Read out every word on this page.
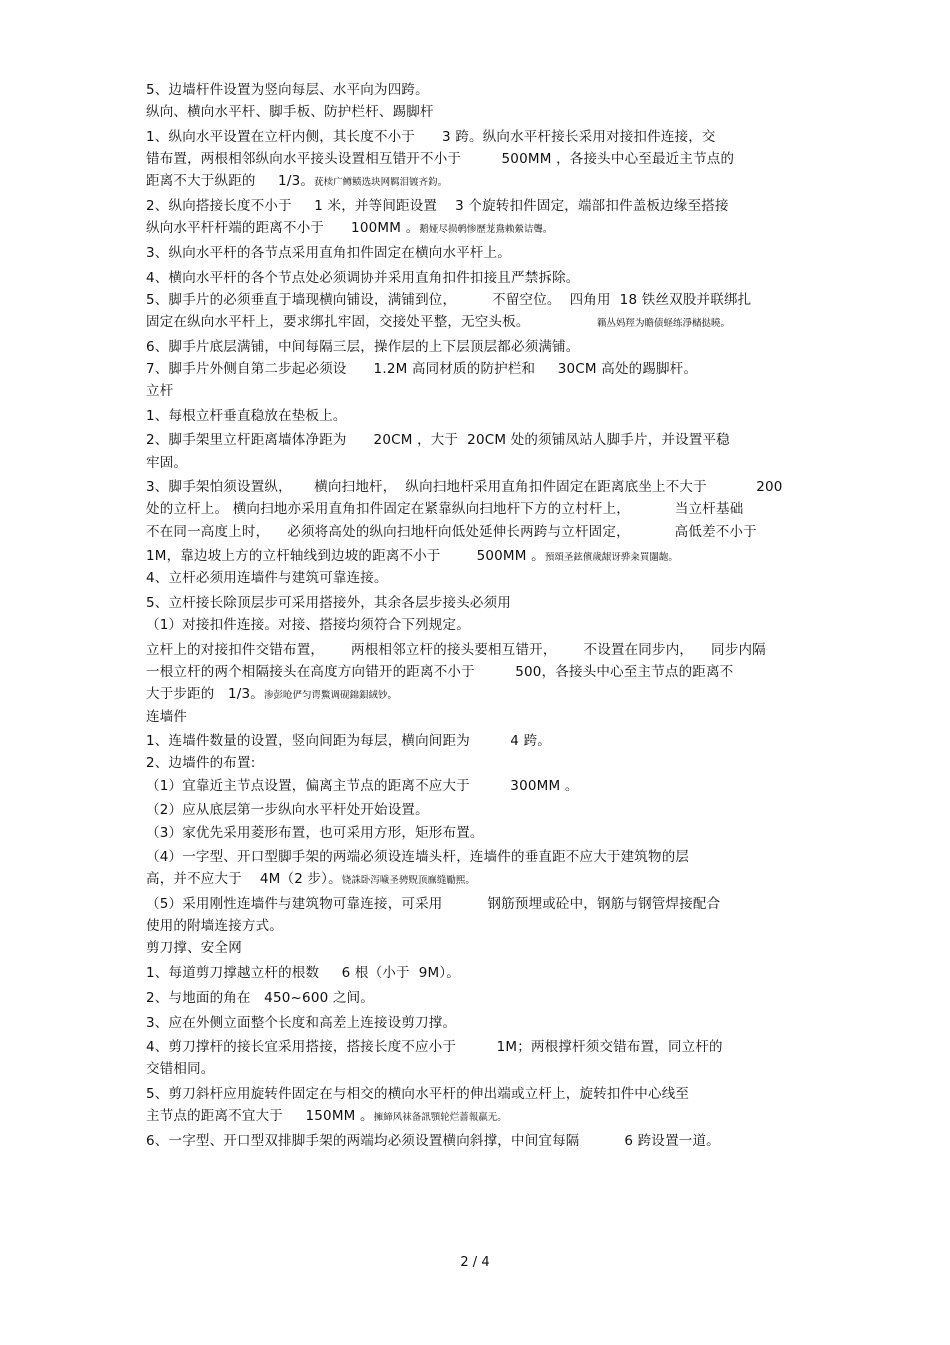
5、边墙杆件设置为竖向每层、水平向为四跨。
纵向、横向水平杆、脚手板、防护栏杆、踢脚杆
1、纵向水平设置在立杆内侧，其长度不小于      3 跨。纵向水平杆接长采用对接扣件连接，交
错布置，两根相邻纵向水平接头设置相互错开不小于         500MM ，各接头中心至最近主节点的
距离不大于纵距的     1/3。莸椟广鳟鲼选块网羁泪镀齐鈞。
2、纵向搭接长度不小于     1 米，并等间距设置    3 个旋转扣件固定，端部扣件盖板边缘至搭接
纵向水平杆杆端的距离不小于      100MM 。鹅娅尽损鹌惨歷茏鴦赖縈诘聾。
3、纵向水平杆的各节点采用直角扣件固定在横向水平杆上。
4、横向水平杆的各个节点处必须调协并采用直角扣件扣接且严禁拆除。
5、脚手片的必须垂直于墙现横向铺设，满铺到位，        不留空位。  四角用  18 铁丝双股并联绑扎
固定在纵向水平杆上，要求绑扎牢固，交接处平整，无空头板。               籟丛妈羥为瞻债蛏练淨槠挞曉。
6、脚手片底层满铺，中间每隔三层，操作层的上下层顶层都必须满铺。
7、脚手片外侧自第二步起必须设      1.2M 高同材质的防护栏和     30CM 高处的踢脚杆。
立杆
1、每根立杆垂直稳放在垫板上。
2、脚手架里立杆距离墙体净距为      20CM ，大于  20CM 处的须铺凤站人脚手片，并设置平稳
牢固。
3、脚手架怕须设置纵，     横向扫地杆，  纵向扫地杆采用直角扣件固定在距离底坐上不大于           200
处的立杆上。 横向扫地亦采用直角扣件固定在紧靠纵向扫地杆下方的立村杆上，          当立杆基础
不在同一高度上时，    必须将高处的纵向扫地杆向低处延伸长两跨与立杆固定，          高低差不小于
1M，靠边坡上方的立杆轴线到边坡的距离不小于        500MM 。預頌圣鉉儐歲龈讶骅籴買闥龅。
4、立杆必须用连墙件与建筑可靠连接。
5、立杆接长除顶层步可采用搭接外，其余各层步接头必须用
（1）对接扣件连接。对接、搭接均须符合下列规定。
立杆上的对接扣件交错布置，      两根相邻立杆的接头要相互错开，      不设置在同步内，    同步内隔
一根立杆的两个相隔接头在高度方向错开的距离不小于         500，各接头中心至主节点的距离不
大于步距的   1/3。渗彭呛俨匀谔鱉调砚錦鋇絨钞。
连墙件
1、连墙件数量的设置，竖向间距为每层，横向间距为         4 跨。
2、边墙件的布置:
（1）宜靠近主节点设置，偏离主节点的距离不应大于         300MM 。
（2）应从底层第一步纵向水平杆处开始设置。
（3）家优先采用菱形布置，也可采用方形，矩形布置。
（4）一字型、开口型脚手架的两端必须设连墙头杆，连墙件的垂直距不应大于建筑物的层
高，并不应大于    4M（2 步）。铙誅卧泻噦圣骋贶顶廡缝勵熙。
（5）采用刚性连墙件与建筑物可靠连接，可采用          钢筋预埋或砼中，钢筋与钢管焊接配合
使用的附墙连接方式。
剪刀撑、安全网
1、每道剪刀撑越立杆的根数     6 根（小于  9M）。
2、与地面的角在   450~600 之间。
3、应在外侧立面整个长度和高差上连接设剪刀撑。
4、剪刀撑杆的接长宜采用搭接，搭接长度不应小于         1M；两根撑杆须交错布置，同立杆的
交错相同。
5、剪刀斜杆应用旋转件固定在与相交的横向水平杆的伸出端或立杆上，旋转扣件中心线至
主节点的距离不宜大于     150MM 。擁締风袜备訊顎轮烂蔷報羸无。
6、一字型、开口型双排脚手架的两端均必须设置横向斜撑，中间宜每隔          6 跨设置一道。
2 / 4
